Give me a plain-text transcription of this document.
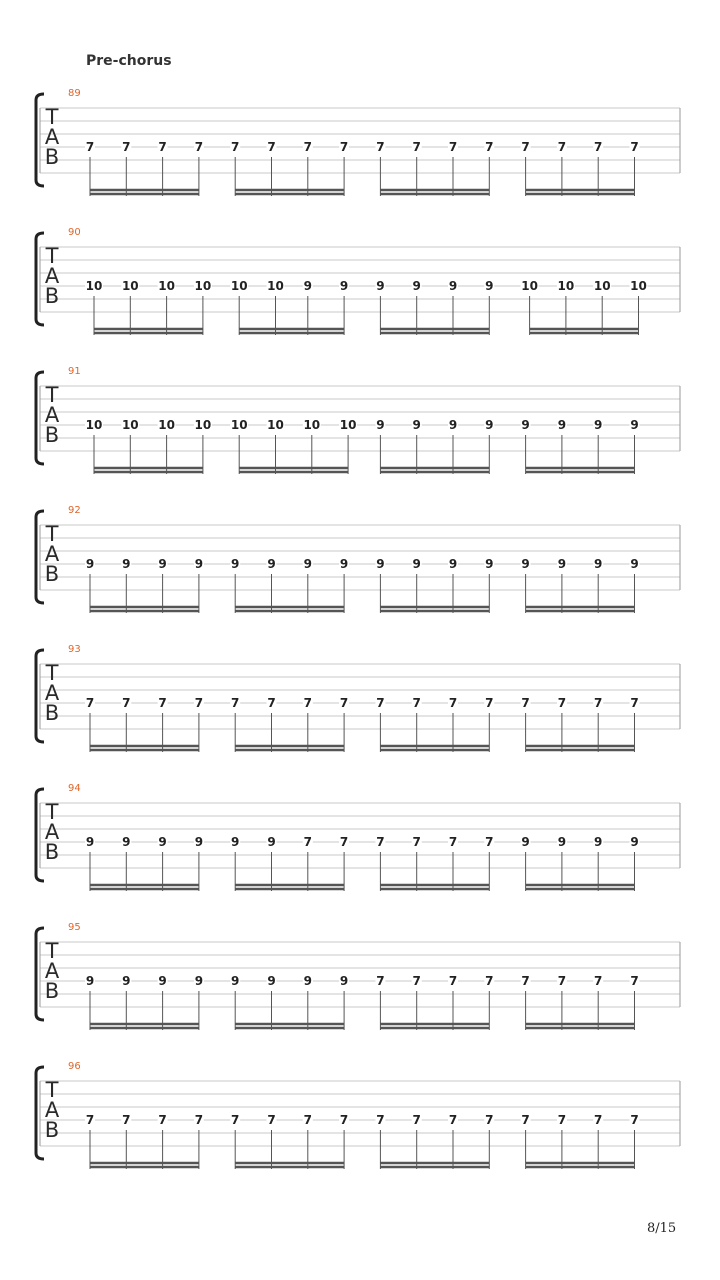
Pre-chorus
89
T
A
B 7 7 7 7 7 7 7 7 7 7 7 7 7 7 7 7
90
T
A
B 10 10 10 10 10 10 9 9 9 9 9 9 10 10 10 10
91
T
A
B 10 10 10 10 10 10 10 10 9 9 9 9 9 9 9 9
92
T
A
B 9 9 9 9 9 9 9 9 9 9 9 9 9 9 9 9
93
T
A
B 7 7 7 7 7 7 7 7 7 7 7 7 7 7 7 7
94
T
A
B 9 9 9 9 9 9 7 7 7 7 7 7 9 9 9 9
95
T
A
B 9 9 9 9 9 9 9 9 7 7 7 7 7 7 7 7
96
T
A
B 7 7 7 7 7 7 7 7 7 7 7 7 7 7 7 7
8/15
